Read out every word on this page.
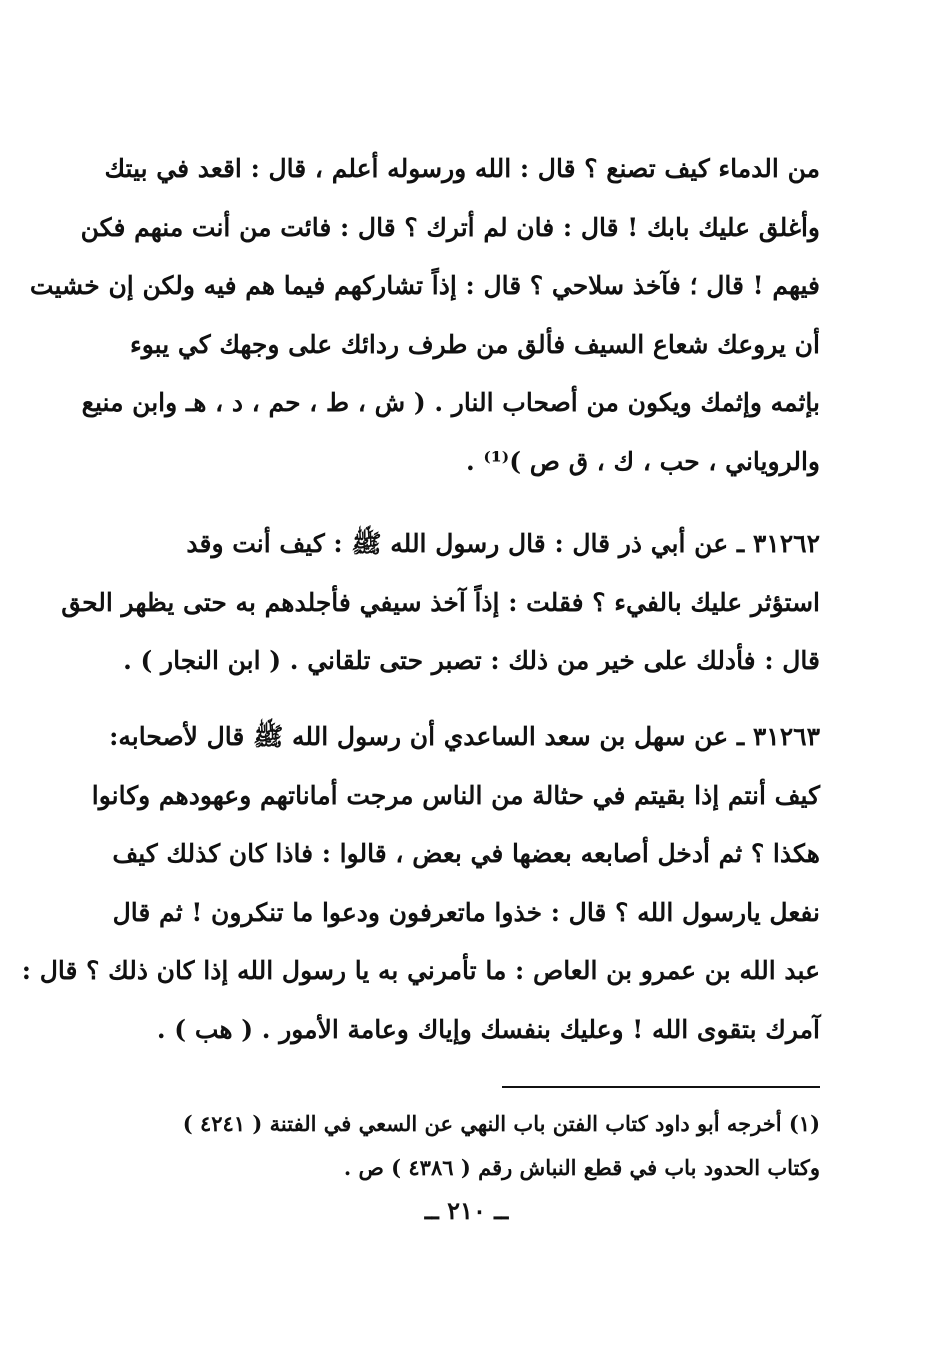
من الدماء كيف تصنع ؟ قال : الله ورسوله أعلم ، قال : اقعد في بيتك
وأغلق عليك بابك ! قال : فان لم أترك ؟ قال : فائت من أنت منهم فكن
فيهم ! قال ؛ فآخذ سلاحي ؟ قال : إذاً تشاركهم فيما هم فيه ولكن إن خشيت
أن يروعك شعاع السيف فألق من طرف ردائك على وجهك كي يبوء
بإثمه وإثمك ويكون من أصحاب النار . ( ش ، ط ، حم ، د ، هـ وابن منيع
والروياني ، حب ، ك ، ق ص )⁽¹⁾ .
٣١٢٦٢ ـ عن أبي ذر قال : قال رسول الله ﷺ : كيف أنت وقد
استؤثر عليك بالفيء ؟ فقلت : إذاً آخذ سيفي فأجلدهم به حتى يظهر الحق
قال : فأدلك على خير من ذلك : تصبر حتى تلقاني . ( ابن النجار ) .
٣١٢٦٣ ـ عن سهل بن سعد الساعدي أن رسول الله ﷺ قال لأصحابه:
كيف أنتم إذا بقيتم في حثالة من الناس مرجت أماناتهم وعهودهم وكانوا
هكذا ؟ ثم أدخل أصابعه بعضها في بعض ، قالوا : فاذا كان كذلك كيف
نفعل يارسول الله ؟ قال : خذوا ماتعرفون ودعوا ما تنكرون ! ثم قال
عبد الله بن عمرو بن العاص : ما تأمرني به يا رسول الله إذا كان ذلك ؟ قال :
آمرك بتقوى الله ! وعليك بنفسك وإياك وعامة الأمور . ( هب ) .
(١) أخرجه أبو داود كتاب الفتن باب النهي عن السعي في الفتنة ( ٤٢٤١ )
وكتاب الحدود باب في قطع النباش رقم ( ٤٣٨٦ ) ص .
ــ ٢١٠ ــ
